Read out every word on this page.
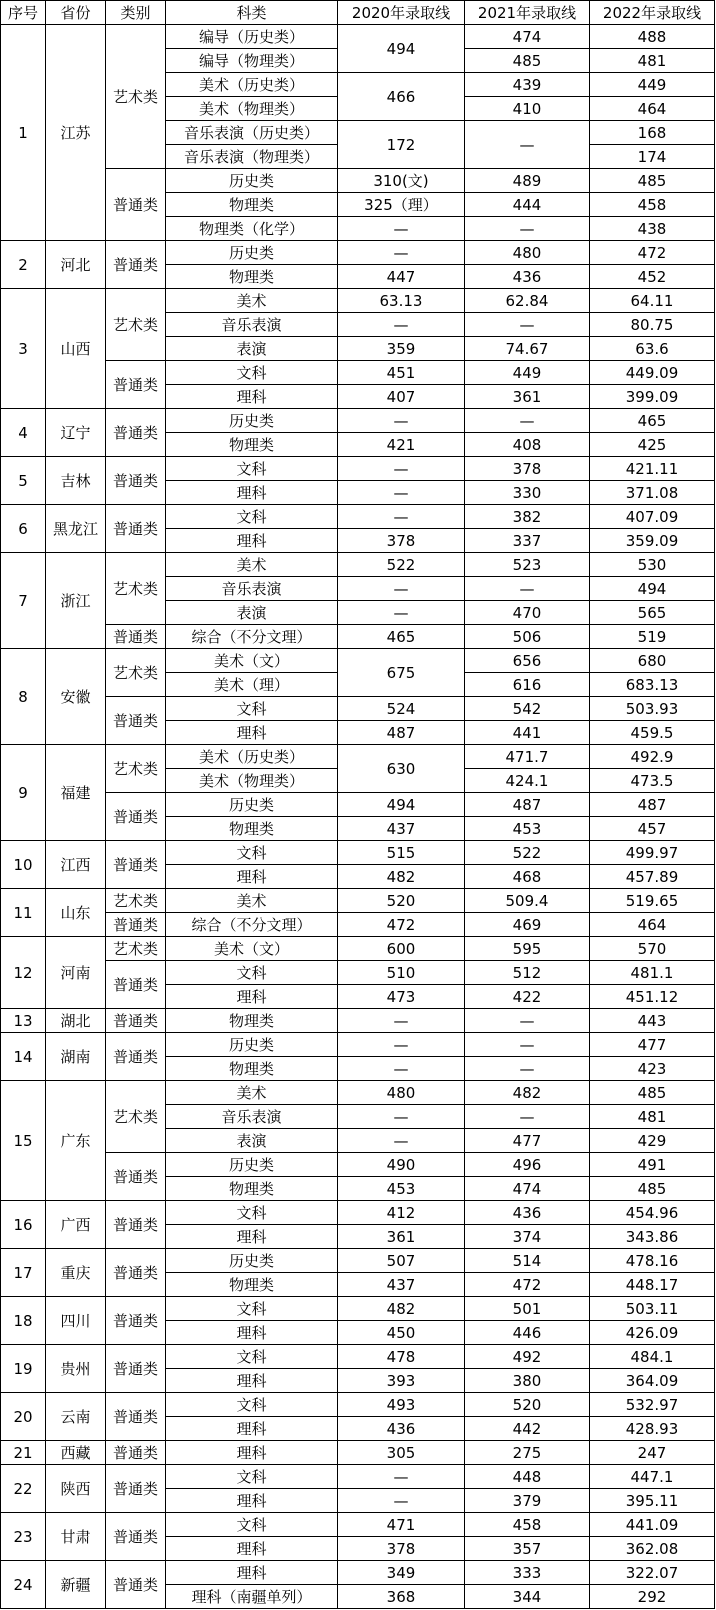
序号	省份	类别	科类	2020年录取线	2021年录取线	2022年录取线
1	江苏	艺术类	编导（历史类）	494	474	488
			编导（物理类）		485	481
			美术（历史类）	466	439	449
			美术（物理类）		410	464
			音乐表演（历史类）	172	—	168
			音乐表演（物理类）			174
		普通类	历史类	310(文)	489	485
			物理类	325（理）	444	458
			物理类（化学）	—	—	438
2	河北	普通类	历史类	—	480	472
			物理类	447	436	452
3	山西	艺术类	美术	63.13	62.84	64.11
			音乐表演	—	—	80.75
			表演	359	74.67	63.6
		普通类	文科	451	449	449.09
			理科	407	361	399.09
4	辽宁	普通类	历史类	—	—	465
			物理类	421	408	425
5	吉林	普通类	文科	—	378	421.11
			理科	—	330	371.08
6	黑龙江	普通类	文科	—	382	407.09
			理科	378	337	359.09
7	浙江	艺术类	美术	522	523	530
			音乐表演	—	—	494
			表演	—	470	565
		普通类	综合（不分文理）	465	506	519
8	安徽	艺术类	美术（文）	675	656	680
			美术（理）		616	683.13
		普通类	文科	524	542	503.93
			理科	487	441	459.5
9	福建	艺术类	美术（历史类）	630	471.7	492.9
			美术（物理类）		424.1	473.5
		普通类	历史类	494	487	487
			物理类	437	453	457
10	江西	普通类	文科	515	522	499.97
			理科	482	468	457.89
11	山东	艺术类	美术	520	509.4	519.65
		普通类	综合（不分文理）	472	469	464
12	河南	艺术类	美术（文）	600	595	570
		普通类	文科	510	512	481.1
			理科	473	422	451.12
13	湖北	普通类	物理类	—	—	443
14	湖南	普通类	历史类	—	—	477
			物理类	—	—	423
15	广东	艺术类	美术	480	482	485
			音乐表演	—	—	481
			表演	—	477	429
		普通类	历史类	490	496	491
			物理类	453	474	485
16	广西	普通类	文科	412	436	454.96
			理科	361	374	343.86
17	重庆	普通类	历史类	507	514	478.16
			物理类	437	472	448.17
18	四川	普通类	文科	482	501	503.11
			理科	450	446	426.09
19	贵州	普通类	文科	478	492	484.1
			理科	393	380	364.09
20	云南	普通类	文科	493	520	532.97
			理科	436	442	428.93
21	西藏	普通类	理科	305	275	247
22	陕西	普通类	文科	—	448	447.1
			理科	—	379	395.11
23	甘肃	普通类	文科	471	458	441.09
			理科	378	357	362.08
24	新疆	普通类	理科	349	333	322.07
			理科（南疆单列）	368	344	292
